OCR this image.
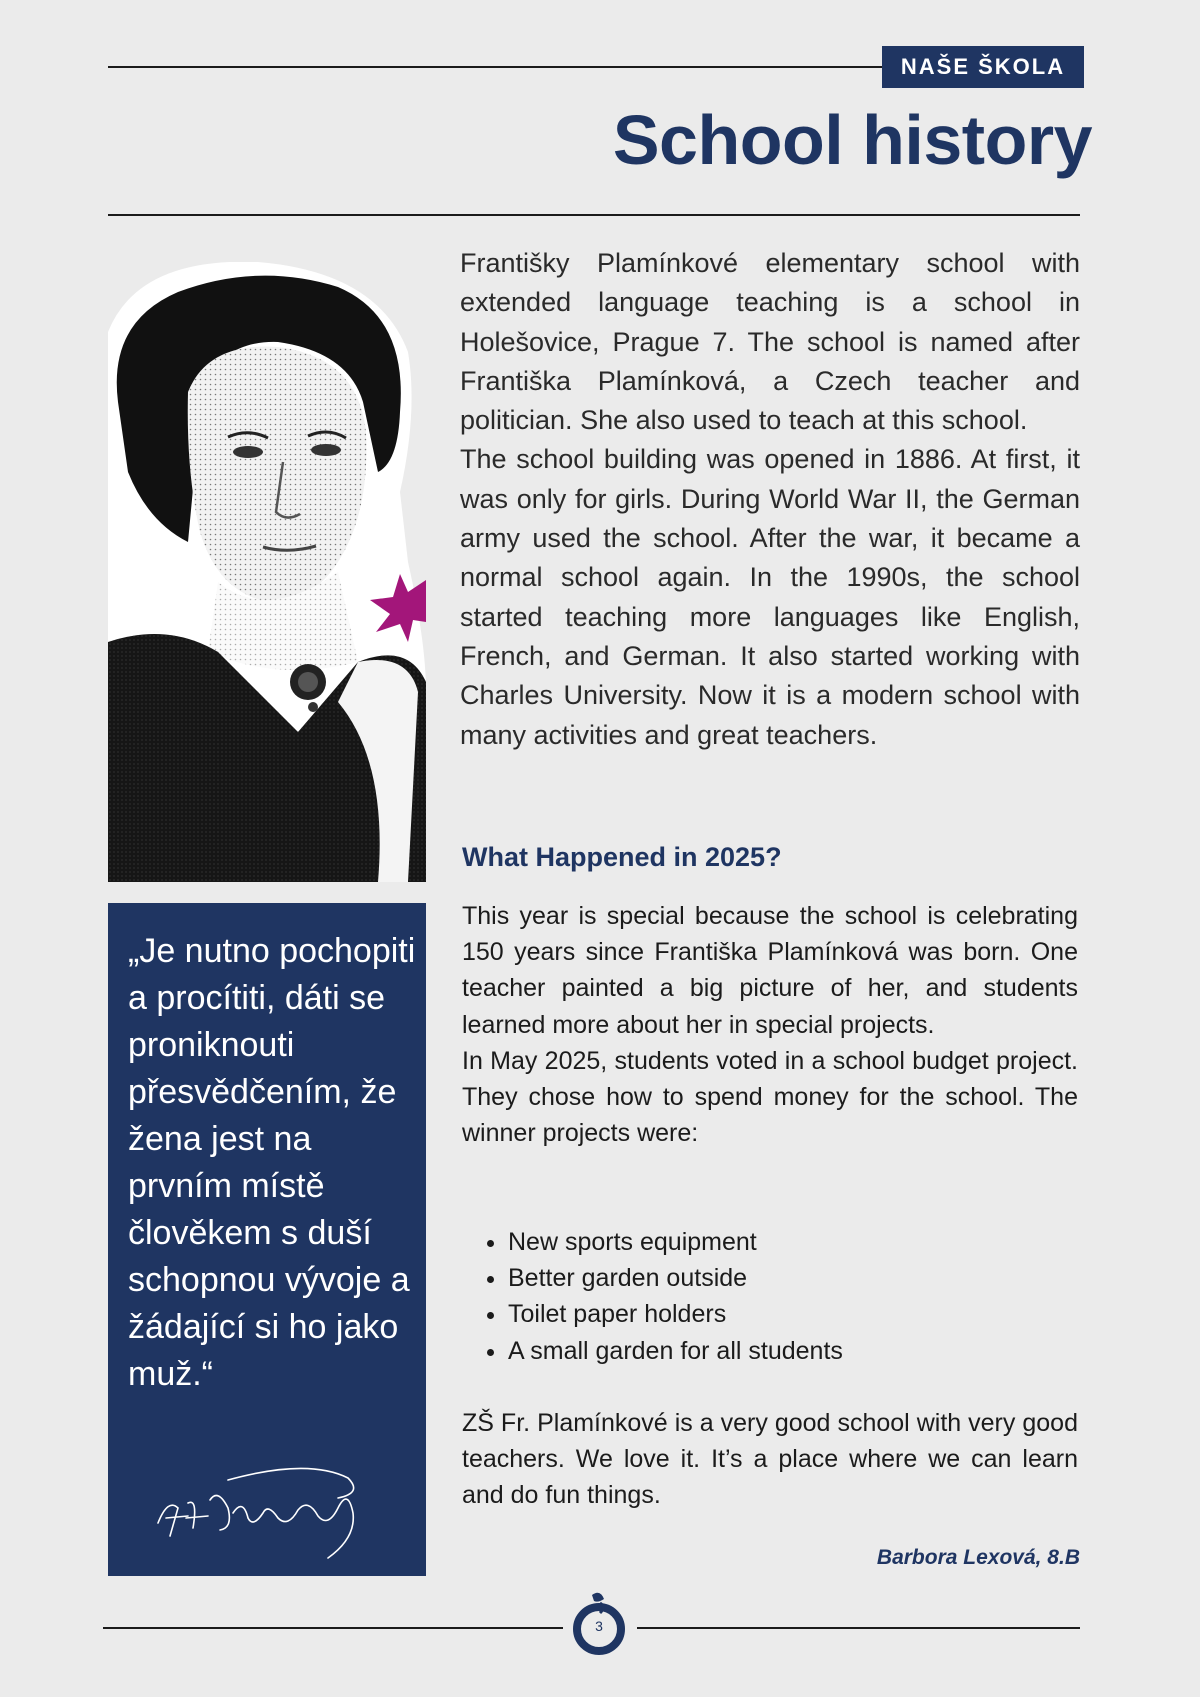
NAŠE ŠKOLA
School history
„Je nutno pochopiti a procítiti, dáti se proniknouti přesvědčením, že žena jest na prvním místě člověkem s duší schopnou vývoje a žádající si ho jako muž.“

Františky Plamínkové elementary school with extended language teaching is a school in Holešovice, Prague 7. The school is named after Františka Plamínková, a Czech teacher and politician. She also used to teach at this school.

The school building was opened in 1886. At first, it was only for girls. During World War II, the German army used the school. After the war, it became a normal school again. In the 1990s, the school started teaching more languages like English, French, and German. It also started working with Charles University. Now it is a modern school with many activities and great teachers.

What Happened in 2025?

This year is special because the school is celebrating 150 years since Františka Plamínková was born. One teacher painted a big picture of her, and students learned more about her in special projects.

In May 2025, students voted in a school budget project. They chose how to spend money for the school. The winner projects were:

• New sports equipment
• Better garden outside
• Toilet paper holders
• A small garden for all students

ZŠ Fr. Plamínkové is a very good school with very good teachers. We love it. It’s a place where we can learn and do fun things.

Barbora Lexová, 8.B
3
